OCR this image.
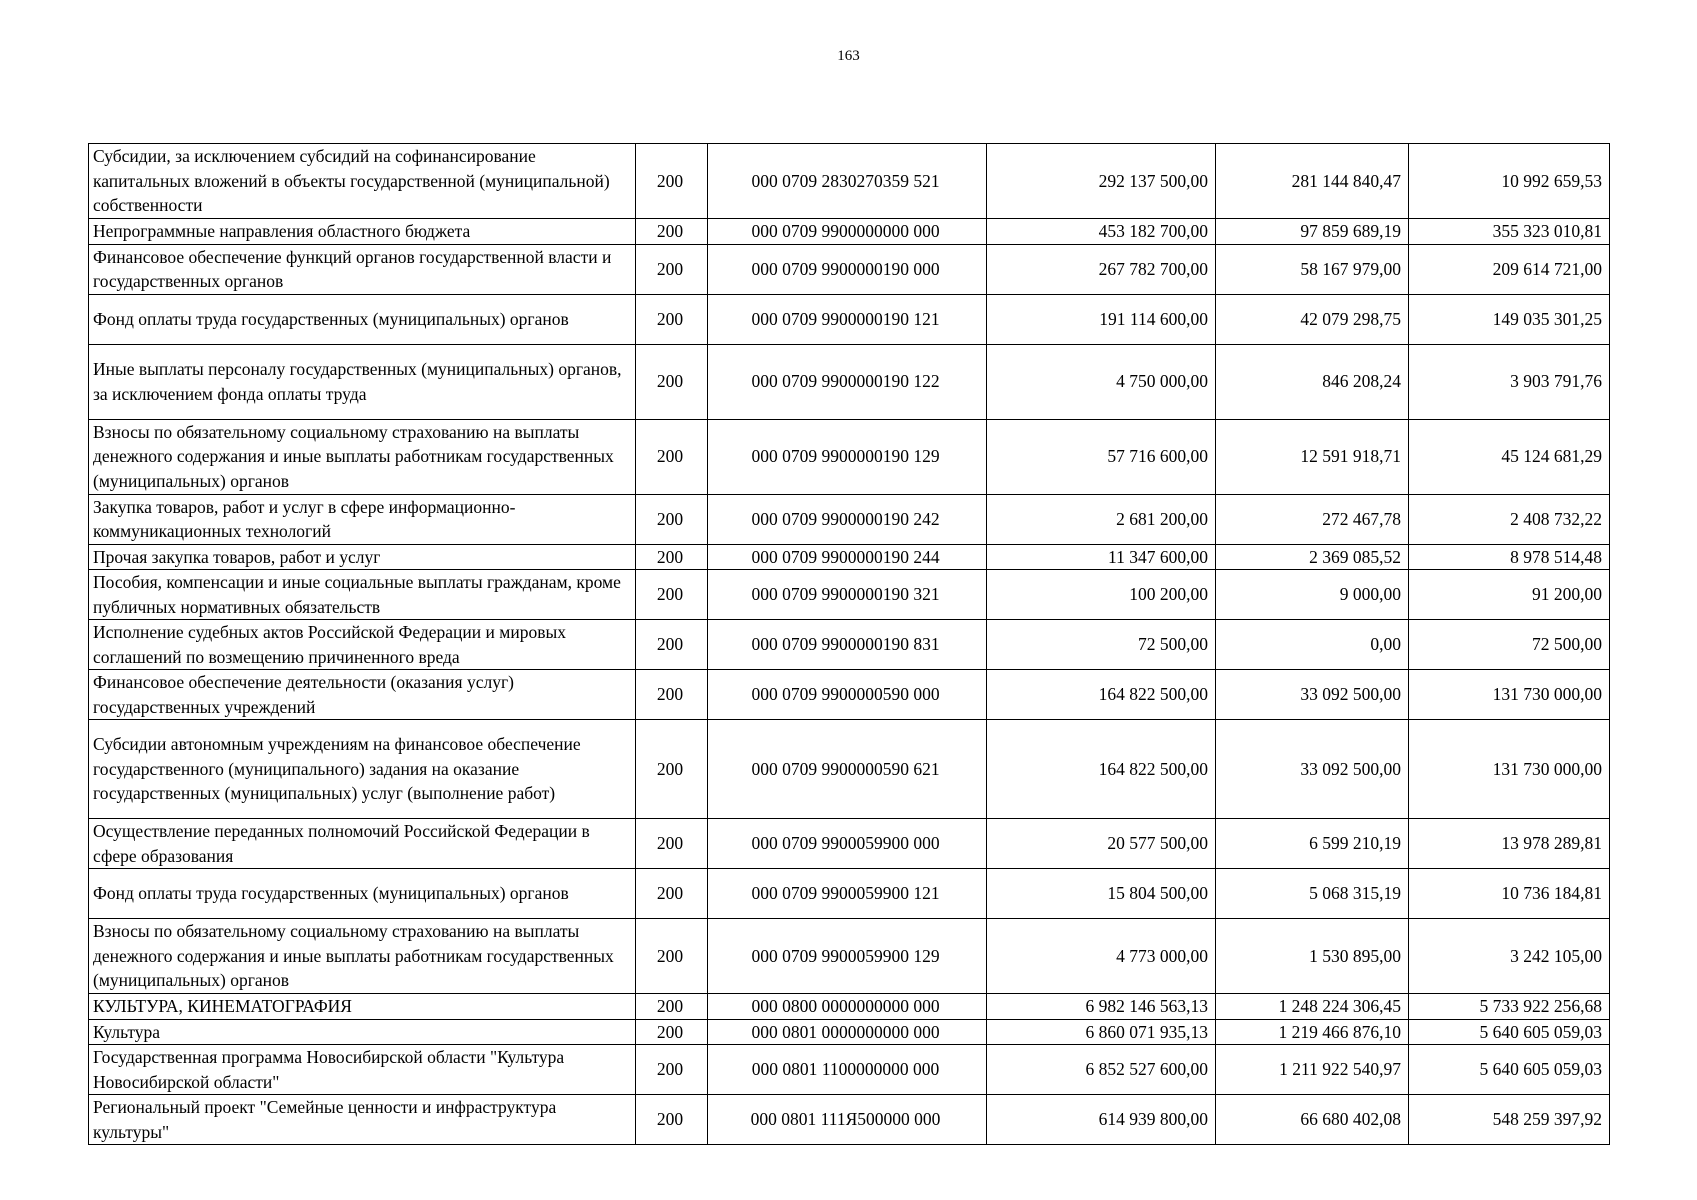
163
Субсидии, за исключением субсидий на софинансирование капитальных вложений в объекты государственной (муниципальной) собственности	200	000 0709 2830270359 521	292 137 500,00	281 144 840,47	10 992 659,53
Непрограммные направления областного бюджета	200	000 0709 9900000000 000	453 182 700,00	97 859 689,19	355 323 010,81
Финансовое обеспечение функций органов государственной власти и государственных органов	200	000 0709 9900000190 000	267 782 700,00	58 167 979,00	209 614 721,00
Фонд оплаты труда государственных (муниципальных) органов	200	000 0709 9900000190 121	191 114 600,00	42 079 298,75	149 035 301,25
Иные выплаты персоналу государственных (муниципальных) органов, за исключением фонда оплаты труда	200	000 0709 9900000190 122	4 750 000,00	846 208,24	3 903 791,76
Взносы по обязательному социальному страхованию на выплаты денежного содержания и иные выплаты работникам государственных (муниципальных) органов	200	000 0709 9900000190 129	57 716 600,00	12 591 918,71	45 124 681,29
Закупка товаров, работ и услуг в сфере информационно-коммуникационных технологий	200	000 0709 9900000190 242	2 681 200,00	272 467,78	2 408 732,22
Прочая закупка товаров, работ и услуг	200	000 0709 9900000190 244	11 347 600,00	2 369 085,52	8 978 514,48
Пособия, компенсации и иные социальные выплаты гражданам, кроме публичных нормативных обязательств	200	000 0709 9900000190 321	100 200,00	9 000,00	91 200,00
Исполнение судебных актов Российской Федерации и мировых соглашений по возмещению причиненного вреда	200	000 0709 9900000190 831	72 500,00	0,00	72 500,00
Финансовое обеспечение деятельности (оказания услуг) государственных учреждений	200	000 0709 9900000590 000	164 822 500,00	33 092 500,00	131 730 000,00
Субсидии автономным учреждениям на финансовое обеспечение государственного (муниципального) задания на оказание государственных (муниципальных) услуг (выполнение работ)	200	000 0709 9900000590 621	164 822 500,00	33 092 500,00	131 730 000,00
Осуществление переданных полномочий Российской Федерации в сфере образования	200	000 0709 9900059900 000	20 577 500,00	6 599 210,19	13 978 289,81
Фонд оплаты труда государственных (муниципальных) органов	200	000 0709 9900059900 121	15 804 500,00	5 068 315,19	10 736 184,81
Взносы по обязательному социальному страхованию на выплаты денежного содержания и иные выплаты работникам государственных (муниципальных) органов	200	000 0709 9900059900 129	4 773 000,00	1 530 895,00	3 242 105,00
КУЛЬТУРА, КИНЕМАТОГРАФИЯ	200	000 0800 0000000000 000	6 982 146 563,13	1 248 224 306,45	5 733 922 256,68
Культура	200	000 0801 0000000000 000	6 860 071 935,13	1 219 466 876,10	5 640 605 059,03
Государственная программа Новосибирской области "Культура Новосибирской области"	200	000 0801 1100000000 000	6 852 527 600,00	1 211 922 540,97	5 640 605 059,03
Региональный проект "Семейные ценности и инфраструктура культуры"	200	000 0801 111Я500000 000	614 939 800,00	66 680 402,08	548 259 397,92
